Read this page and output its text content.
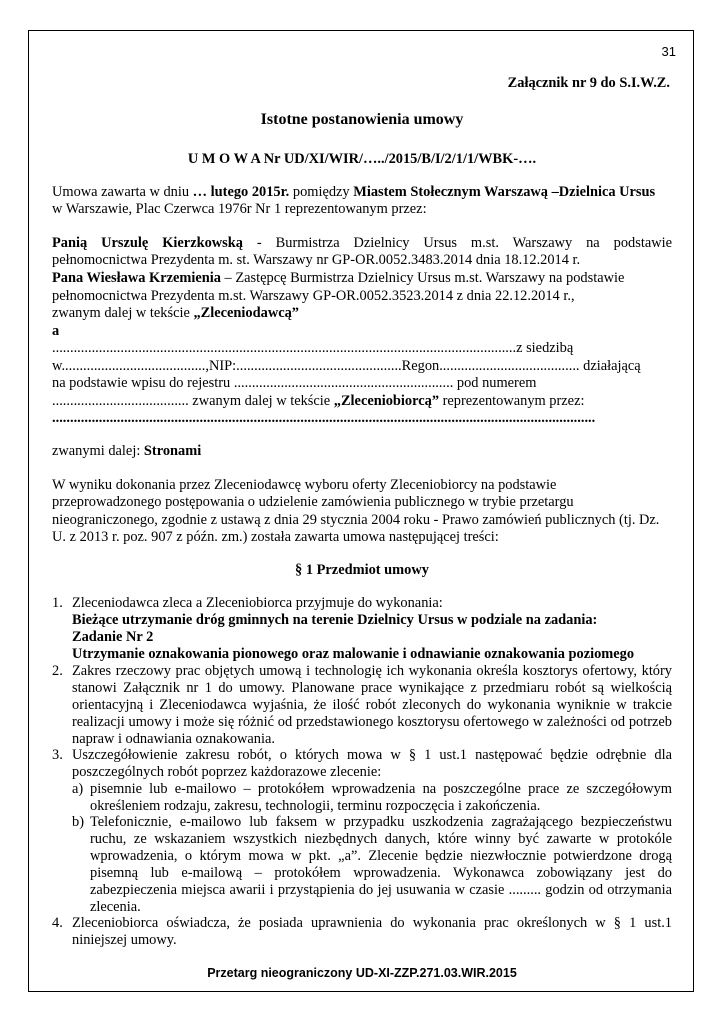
31
Załącznik nr 9 do S.I.W.Z.
Istotne postanowienia umowy
U M O W A Nr UD/XI/WIR/…../2015/B/I/2/1/1/WBK-….
Umowa zawarta w dniu … lutego 2015r. pomiędzy Miastem Stołecznym Warszawą –Dzielnica Ursus
w Warszawie, Plac Czerwca 1976r Nr 1 reprezentowanym przez:
Panią Urszulę Kierzkowską - Burmistrza Dzielnicy Ursus m.st. Warszawy na podstawie
pełnomocnictwa Prezydenta m. st. Warszawy nr GP-OR.0052.3483.2014 dnia 18.12.2014 r.
Pana Wiesława Krzemienia – Zastępcę Burmistrza Dzielnicy Ursus m.st. Warszawy na podstawie
pełnomocnictwa Prezydenta m.st. Warszawy GP-OR.0052.3523.2014 z dnia 22.12.2014 r.,
zwanym dalej w tekście „Zleceniodawcą”
a
.................................................................................................................................z siedzibą
w........................................,NIP:..............................................Regon....................................... działającą
na podstawie wpisu do rejestru ............................................................. pod numerem
...................................... zwanym dalej w tekście „Zleceniobiorcą” reprezentowanym przez:
.......................................................................................................................................................
zwanymi dalej: Stronami
W wyniku dokonania przez Zleceniodawcę wyboru oferty Zleceniobiorcy na podstawie
przeprowadzonego postępowania o udzielenie zamówienia publicznego w trybie przetargu
nieograniczonego, zgodnie z ustawą z dnia 29 stycznia 2004 roku - Prawo zamówień publicznych (tj. Dz.
U. z 2013 r. poz. 907 z późn. zm.) została zawarta umowa następującej treści:
§ 1 Przedmiot umowy
1. Zleceniodawca zleca a Zleceniobiorca przyjmuje do wykonania:
Bieżące utrzymanie dróg gminnych na terenie Dzielnicy Ursus w podziale na zadania:
Zadanie Nr 2
Utrzymanie oznakowania pionowego oraz malowanie i odnawianie oznakowania poziomego
2. Zakres rzeczowy prac objętych umową i technologię ich wykonania określa kosztorys ofertowy, który stanowi Załącznik nr 1 do umowy. Planowane prace wynikające z przedmiaru robót są wielkością orientacyjną i Zleceniodawca wyjaśnia, że ilość robót zleconych do wykonania wyniknie w trakcie realizacji umowy i może się różnić od przedstawionego kosztorysu ofertowego w zależności od potrzeb napraw i odnawiania oznakowania.
3. Uszczegółowienie zakresu robót, o których mowa w § 1 ust.1 następować będzie odrębnie dla poszczególnych robót poprzez każdorazowe zlecenie:
a) pisemnie lub e-mailowo – protokółem wprowadzenia na poszczególne prace ze szczegółowym określeniem rodzaju, zakresu, technologii, terminu rozpoczęcia i zakończenia.
b) Telefonicznie, e-mailowo lub faksem w przypadku uszkodzenia zagrażającego bezpieczeństwu ruchu, ze wskazaniem wszystkich niezbędnych danych, które winny być zawarte w protokóle wprowadzenia, o którym mowa w pkt. „a”. Zlecenie będzie niezwłocznie potwierdzone drogą pisemną lub e-mailową – protokółem wprowadzenia. Wykonawca zobowiązany jest do zabezpieczenia miejsca awarii i przystąpienia do jej usuwania w czasie ......... godzin od otrzymania zlecenia.
4. Zleceniobiorca oświadcza, że posiada uprawnienia do wykonania prac określonych w § 1 ust.1 niniejszej umowy.
Przetarg nieograniczony UD-XI-ZZP.271.03.WIR.2015
